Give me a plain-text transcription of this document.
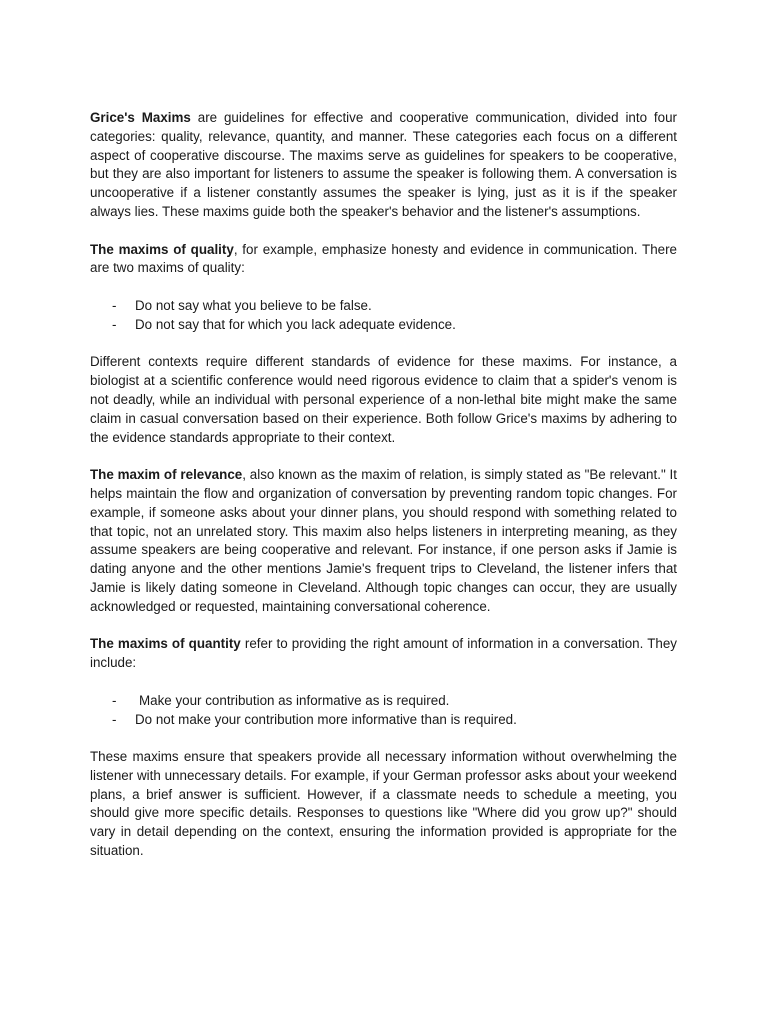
Grice's Maxims are guidelines for effective and cooperative communication, divided into four categories: quality, relevance, quantity, and manner. These categories each focus on a different aspect of cooperative discourse. The maxims serve as guidelines for speakers to be cooperative, but they are also important for listeners to assume the speaker is following them. A conversation is uncooperative if a listener constantly assumes the speaker is lying, just as it is if the speaker always lies. These maxims guide both the speaker's behavior and the listener's assumptions.

The maxims of quality, for example, emphasize honesty and evidence in communication. There are two maxims of quality:

- Do not say what you believe to be false.
- Do not say that for which you lack adequate evidence.

Different contexts require different standards of evidence for these maxims. For instance, a biologist at a scientific conference would need rigorous evidence to claim that a spider's venom is not deadly, while an individual with personal experience of a non-lethal bite might make the same claim in casual conversation based on their experience. Both follow Grice's maxims by adhering to the evidence standards appropriate to their context.

The maxim of relevance, also known as the maxim of relation, is simply stated as "Be relevant." It helps maintain the flow and organization of conversation by preventing random topic changes. For example, if someone asks about your dinner plans, you should respond with something related to that topic, not an unrelated story. This maxim also helps listeners in interpreting meaning, as they assume speakers are being cooperative and relevant. For instance, if one person asks if Jamie is dating anyone and the other mentions Jamie's frequent trips to Cleveland, the listener infers that Jamie is likely dating someone in Cleveland. Although topic changes can occur, they are usually acknowledged or requested, maintaining conversational coherence.

The maxims of quantity refer to providing the right amount of information in a conversation. They include:

- Make your contribution as informative as is required.
- Do not make your contribution more informative than is required.

These maxims ensure that speakers provide all necessary information without overwhelming the listener with unnecessary details. For example, if your German professor asks about your weekend plans, a brief answer is sufficient. However, if a classmate needs to schedule a meeting, you should give more specific details. Responses to questions like "Where did you grow up?" should vary in detail depending on the context, ensuring the information provided is appropriate for the situation.
